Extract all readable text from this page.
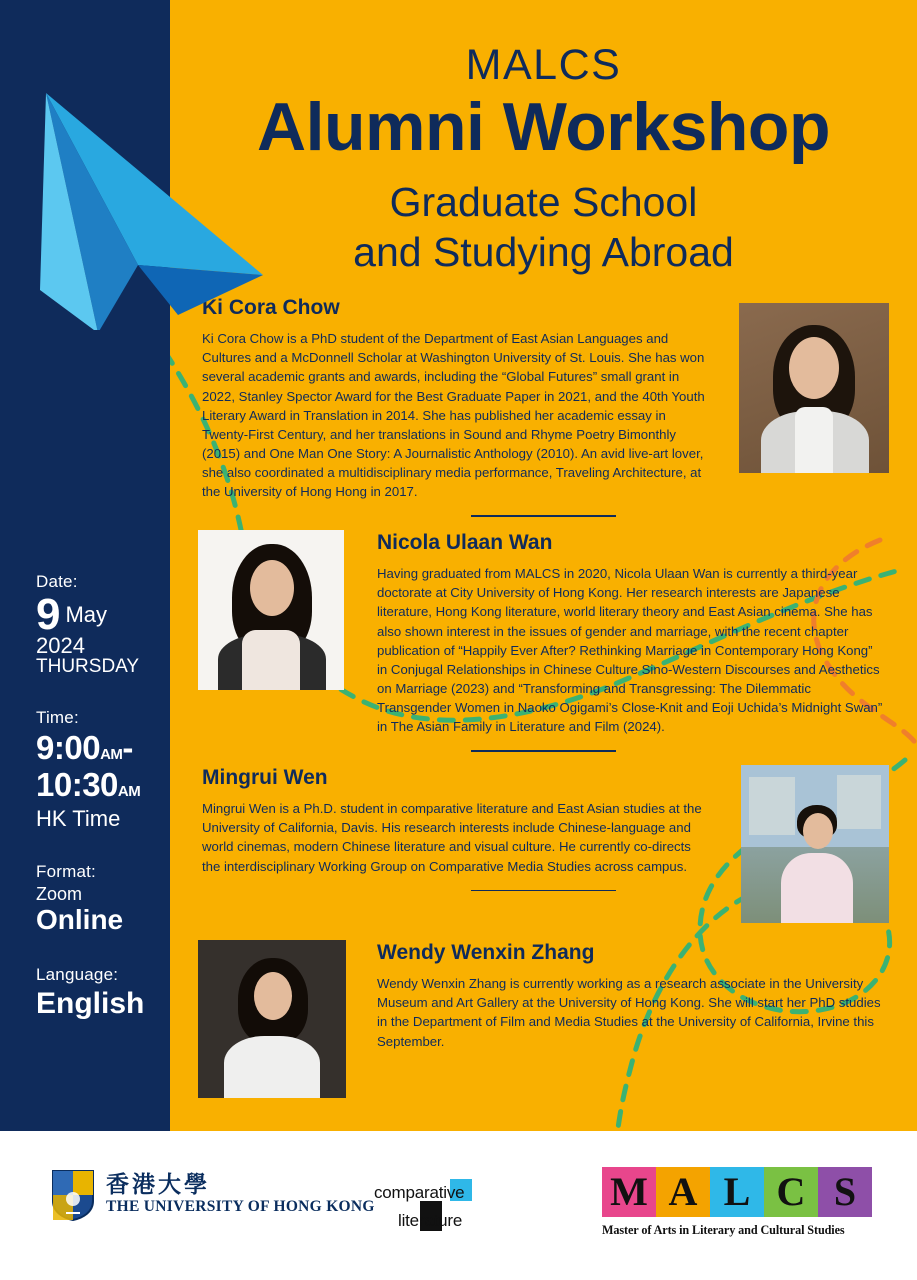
MALCS
Alumni Workshop
Graduate School
and Studying Abroad
Date:
9 May
2024
THURSDAY
Time:
9:00AM-
10:30AM
HK Time
Format:
Zoom
Online
Language:
English
Ki Cora Chow
Ki Cora Chow is a PhD student of the Department of East Asian Languages and Cultures and a McDonnell Scholar at Washington University of St. Louis. She has won several academic grants and awards, including the “Global Futures” small grant in 2022, Stanley Spector Award for the Best Graduate Paper in 2021, and the 40th Youth Literary Award in Translation in 2014. She has published her academic essay in Twenty-First Century, and her translations in Sound and Rhyme Poetry Bimonthly (2015) and One Man One Story: A Journalistic Anthology (2010). An avid live-art lover, she also coordinated a multidisciplinary media performance, Traveling Architecture, at the University of Hong Hong in 2017.
Nicola Ulaan Wan
Having graduated from MALCS in 2020, Nicola Ulaan Wan is currently a third-year doctorate at City University of Hong Kong. Her research interests are Japanese literature, Hong Kong literature, world literary theory and East Asian cinema. She has also shown interest in the issues of gender and marriage, with the recent chapter publication of “Happily Ever After? Rethinking Marriage in Contemporary Hong Kong” in Conjugal Relationships in Chinese Culture Sino-Western Discourses and Aesthetics on Marriage (2023) and “Transforming and Transgressing: The Dilemmatic Transgender Women in Naoko Ogigami’s Close-Knit and Eoji Uchida’s Midnight Swan” in The Asian Family in Literature and Film (2024).
Mingrui Wen
Mingrui Wen is a Ph.D. student in comparative literature and East Asian studies at the University of California, Davis. His research interests include Chinese-language and world cinemas, modern Chinese literature and visual culture. He currently co-directs the interdisciplinary Working Group on Comparative Media Studies across campus.
Wendy Wenxin Zhang
Wendy Wenxin Zhang is currently working as a research associate in the University Museum and Art Gallery at the University of Hong Kong. She will start her PhD studies in the Department of Film and Media Studies at the University of California, Irvine this September.
香港大學
THE UNIVERSITY OF HONG KONG
comparative
literature
M A L C S
Master of Arts in Literary and Cultural Studies
